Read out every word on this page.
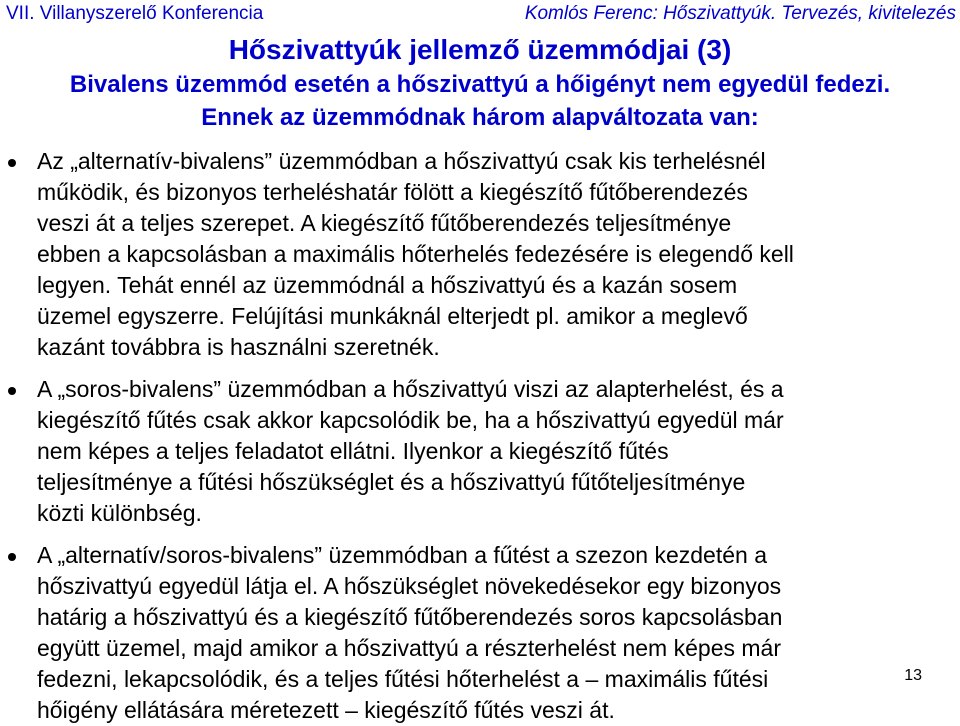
VII. Villanyszerelő Konferencia	Komlós Ferenc: Hőszivattyúk. Tervezés, kivitelezés
Hőszivattyúk jellemző üzemmódjai (3)
Bivalens üzemmód esetén a hőszivattyú a hőigényt nem egyedül fedezi.
Ennek az üzemmódnak három alapváltozata van:
Az „alternatív-bivalens” üzemmódban a hőszivattyú csak kis terhelésnél
működik, és bizonyos terheléshatár fölött a kiegészítő fűtőberendezés
veszi át a teljes szerepet. A kiegészítő fűtőberendezés teljesítménye
ebben a kapcsolásban a maximális hőterhelés fedezésére is elegendő kell
legyen. Tehát ennél az üzemmódnál a hőszivattyú és a kazán sosem
üzemel egyszerre. Felújítási munkáknál elterjedt pl. amikor a meglevő
kazánt továbbra is használni szeretnék.
A „soros-bivalens” üzemmódban a hőszivattyú viszi az alapterhelést, és a
kiegészítő fűtés csak akkor kapcsolódik be, ha a hőszivattyú egyedül már
nem képes a teljes feladatot ellátni. Ilyenkor a kiegészítő fűtés
teljesítménye a fűtési hőszükséglet és a hőszivattyú fűtőteljesítménye
közti különbség.
A „alternatív/soros-bivalens” üzemmódban a fűtést a szezon kezdetén a
hőszivattyú egyedül látja el. A hőszükséglet növekedésekor egy bizonyos
határig a hőszivattyú és a kiegészítő fűtőberendezés soros kapcsolásban
együtt üzemel, majd amikor a hőszivattyú a részterhelést nem képes már
fedezni, lekapcsolódik, és a teljes fűtési hőterhelést a – maximális fűtési
hőigény ellátására méretezett – kiegészítő fűtés veszi át.
13
